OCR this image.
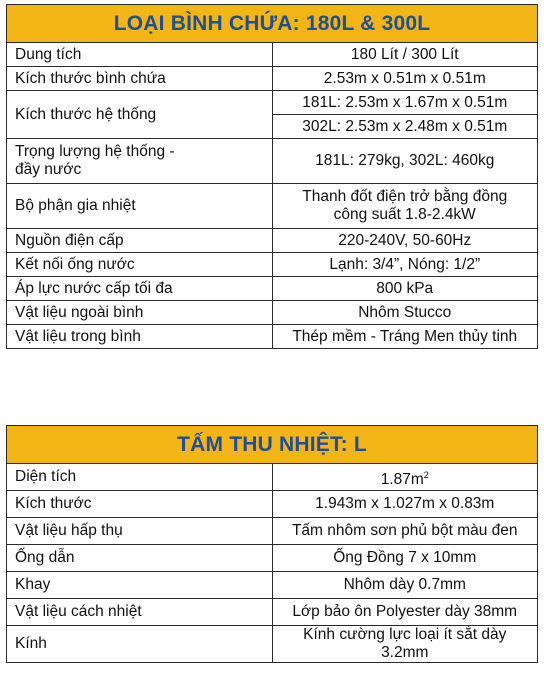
LOẠI BÌNH CHỨA: 180L & 300L	
Dung tích	180 Lít / 300 Lít
Kích thước bình chứa	2.53m x 0.51m x 0.51m
Kích thước hệ thống	181L: 2.53m x 1.67m x 0.51m
	302L: 2.53m x 2.48m x 0.51m

Trọng lượng hệ thống -
đầy nước	181L: 279kg, 302L: 460kg
Bộ phận gia nhiệt	Thanh đốt điện trở bằng đồng
công suất 1.8-2.4kW

Nguồn điện cấp	220-240V, 50-60Hz
Kết nối ống nước	Lạnh: 3/4”, Nóng: 1/2”
Áp lực nước cấp tối đa	800 kPa
Vật liệu ngoài bình	Nhôm Stucco
Vật liệu trong bình	Thép mềm - Tráng Men thủy tinh
TẤM THU NHIỆT: L	
Diện tích	$1.87m^2$
Kích thước	1.943m x 1.027m x 0.83m
Vật liệu hấp thụ	Tấm nhôm sơn phủ bột màu đen
Ống dẫn	Ống Đồng 7 x 10mm
Khay	Nhôm dày 0.7mm
Vật liệu cách nhiệt	Lớp bảo ôn Polyester dày 38mm
Kính	Kính cường lực loại ít sắt dày 3.2mm
